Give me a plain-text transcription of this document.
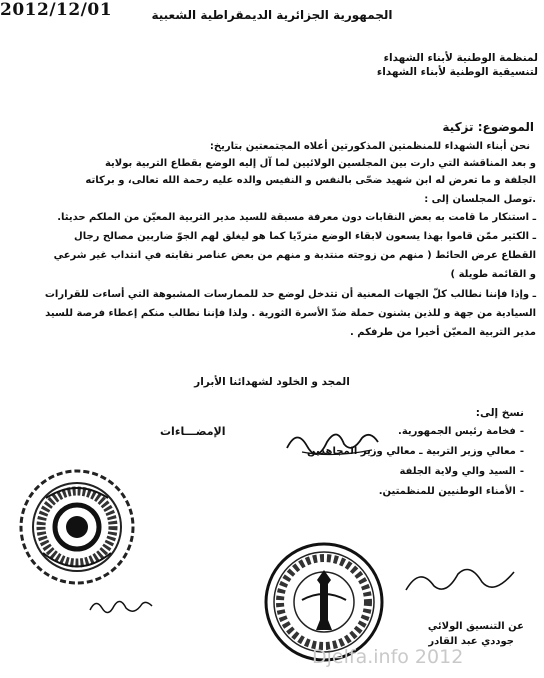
الجمهورية الجزائرية الديمقراطية الشعبية
لمنظمة الوطنية لأبناء الشهداء
لتنسيقية الوطنية لأبناء الشهداء
الموضوع: تزكية
2012/12/01
نحن أبناء الشهداء للمنظمتين المذكورتين أعلاه المجتمعتين بتاريخ:
و بعد المناقشة التي دارت بين المجلسين الولائيين لما آل إليه الوضع بقطاع التربية بولاية
الجلفة و ما تعرض له ابن شهيد ضحّى بالنفس و النفيس والده عليه رحمة الله تعالى، و بركاته
.توصل المجلسان إلى :
ـ استنكار ما قامت به بعض النقابات دون معرفة مسبقة للسيد مدير التربية المعيّن من الملكم حديثا.
ـ الكثير ممّن قاموا بهذا يسعون لابقاء الوضع متردّيا كما هو ليغلق لهم الجوّ ضاربين مصالح رجال
القطاع عرض الحائط ( منهم من زوجته منتدبة و منهم من بعض عناصر نقابته في انتداب غير شرعي
و القائمة طويلة )
ـ وإذا فإننا نطالب كلّ الجهات المعنية أن تتدخل لوضع حد للممارسات المشبوهة التي أساءت للقرارات
السيادية من جهة و للذين يشنون حملة ضدّ الأسرة الثورية . ولذا فإننا نطالب منكم إعطاء فرصة للسيد
مدير التربية المعيّن أخيرا من طرفكم .
المجد و الخلود لشهدائنا الأبرار
نسخ إلى:
-فخامة رئيس الجمهورية.
-معالي وزير التربية ـ معالي وزير المجاهدين
-السيد والي ولاية الجلفة
-الأمناء الوطنيين للمنظمتين.
الإمضـــاءات
عن التنسيق الولائي
جوددي عبد القادر
Djelfa.info 2012
